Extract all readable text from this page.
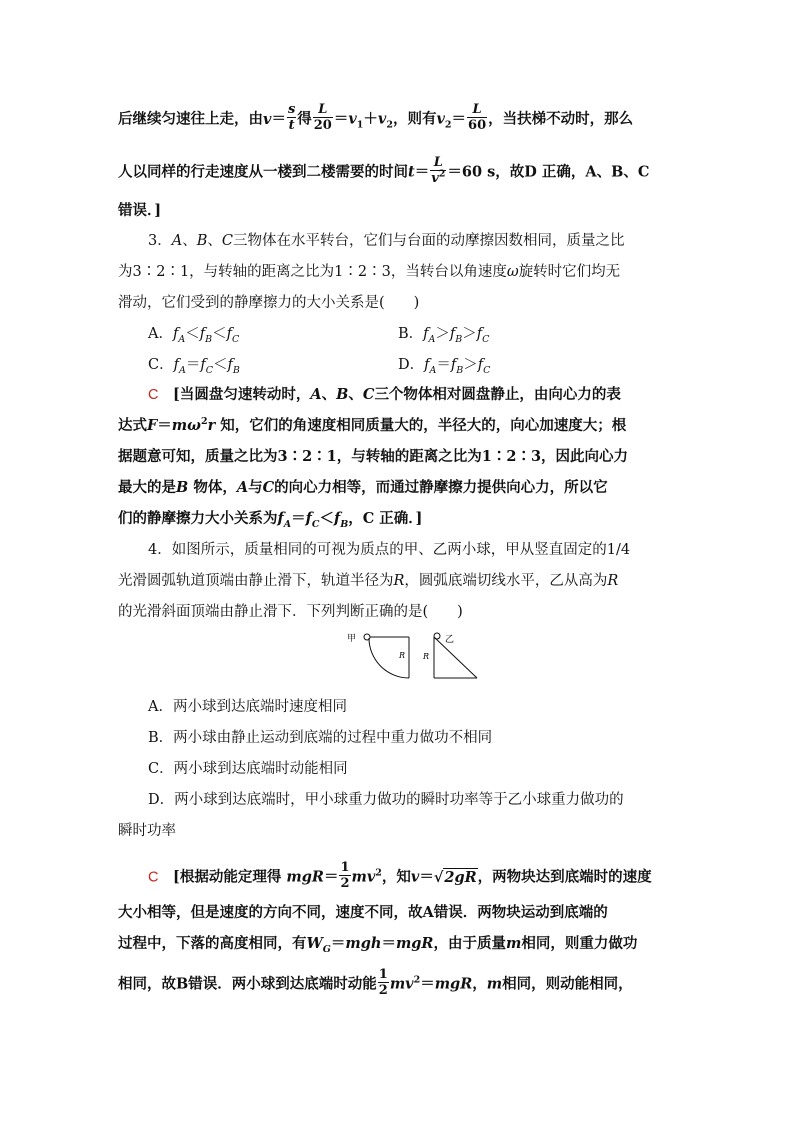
后继续匀速往上走，由$v= \frac{s}{t}$ 得 $\frac{L}{20} =v_1+v_2$，则有$v_2= \frac{L}{60}$ ，当扶梯不动时，那么
人以同样的行走速度从一楼到二楼需要的时间$t= \frac{L}{v^2} =60$ s，故D 正确，A、B、C
错误．]
3．A、B、C三物体在水平转台，它们与台面的动摩擦因数相同，质量之比
为3∶2∶1，与转轴的距离之比为1∶2∶3，当转台以角速度ω旋转时它们均无
滑动，它们受到的静摩擦力的大小关系是(　　)
A．$f_A<f_B<f_C$	B．$f_A>f_B>f_C$
C．$f_A=f_C<f_B$	D．$f_A=f_B>f_C$
C　[当圆盘匀速转动时，A、B、C三个物体相对圆盘静止，由向心力的表
达式$F=m\omega^2r$ 知，它们的角速度相同质量大的，半径大的，向心加速度大；根
据题意可知，质量之比为3∶2∶1，与转轴的距离之比为1∶2∶3，因此向心力
最大的是B 物体，A与C的向心力相等，而通过静摩擦力提供向心力，所以它
们的静摩擦力大小关系为$f_A=f_C<f_B$，C 正确．]
4．如图所示，质量相同的可视为质点的甲、乙两小球，甲从竖直固定的1/4
光滑圆弧轨道顶端由静止滑下，轨道半径为R，圆弧底端切线水平，乙从高为R
的光滑斜面顶端由静止滑下．下列判断正确的是(　　)
甲
R R
乙
A．两小球到达底端时速度相同
B．两小球由静止运动到底端的过程中重力做功不相同
C．两小球到达底端时动能相同
D．两小球到达底端时，甲小球重力做功的瞬时功率等于乙小球重力做功的
瞬时功率
C　[根据动能定理得 $mgR= \frac{1}{2} mv^2$，知v＝√2gR，两物块达到底端时的速度
大小相等，但是速度的方向不同，速度不同，故A错误．两物块运动到底端的
过程中，下落的高度相同，有$W_G=mgh=mgR$，由于质量m相同，则重力做功
相同，故B错误．两小球到达底端时动能 $\frac{1}{2} mv^2=mgR$，m相同，则动能相同，
